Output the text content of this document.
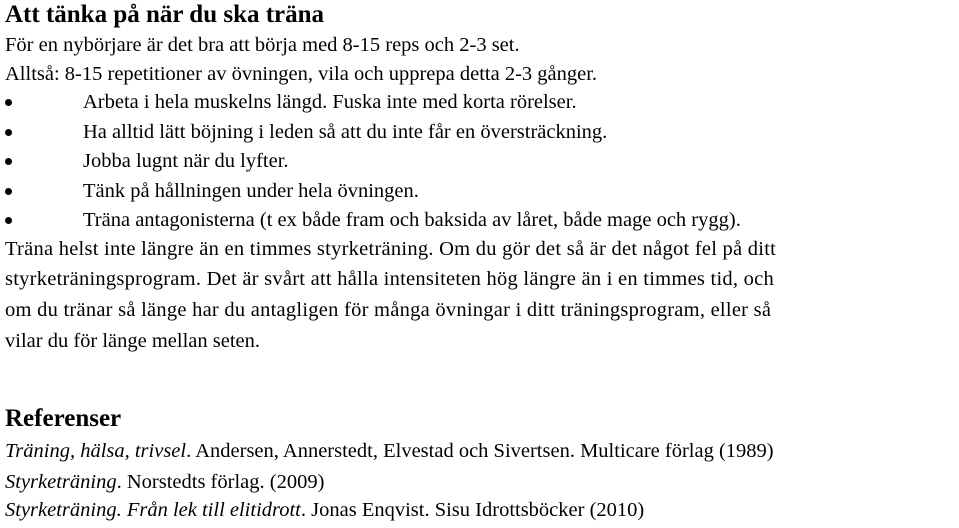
Att tänka på när du ska träna
För en nybörjare är det bra att börja med 8-15 reps och 2-3 set.
Alltså: 8-15 repetitioner av övningen, vila och upprepa detta 2-3 gånger.
Arbeta i hela muskelns längd. Fuska inte med korta rörelser.
Ha alltid lätt böjning i leden så att du inte får en översträckning.
Jobba lugnt när du lyfter.
Tänk på hållningen under hela övningen.
Träna antagonisterna (t ex både fram och baksida av låret, både mage och rygg).
Träna helst inte längre än en timmes styrketräning. Om du gör det så är det något fel på ditt
styrketräningsprogram. Det är svårt att hålla intensiteten hög längre än i en timmes tid, och
om du tränar så länge har du antagligen för många övningar i ditt träningsprogram, eller så
vilar du för länge mellan seten.
Referenser
Träning, hälsa, trivsel. Andersen, Annerstedt, Elvestad och Sivertsen. Multicare förlag (1989)
Styrketräning. Norstedts förlag. (2009)
Styrketräning. Från lek till elitidrott. Jonas Enqvist. Sisu Idrottsböcker (2010)
